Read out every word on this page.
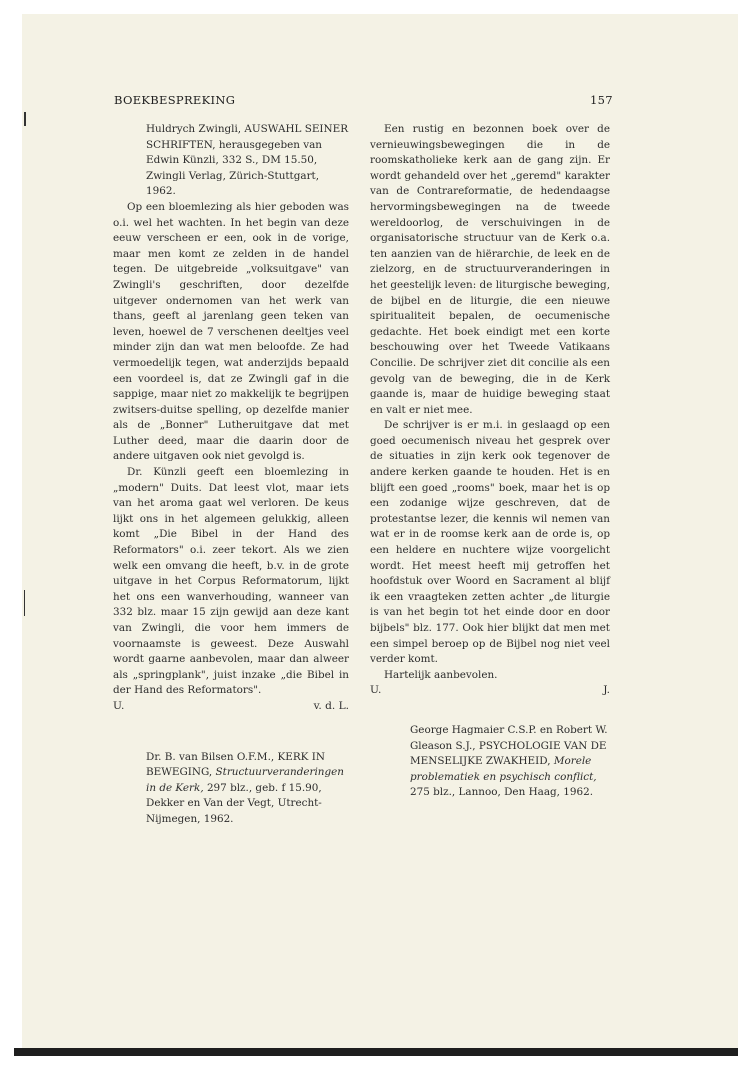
BOEKBESPREKING	157

Huldrych Zwingli, AUSWAHL SEINER SCHRIFTEN, herausgegeben van Edwin Künzli, 332 S., DM 15.50, Zwingli Verlag, Zürich-Stuttgart, 1962.

Op een bloemlezing als hier geboden was o.i. wel het wachten. In het begin van deze eeuw verscheen er een, ook in de vorige, maar men komt ze zelden in de handel tegen. De uitgebreide „volksuitgave" van Zwingli's geschriften, door dezelfde uitgever ondernomen van het werk van thans, geeft al jarenlang geen teken van leven, hoewel de 7 verschenen deeltjes veel minder zijn dan wat men beloofde. Ze had vermoedelijk tegen, wat anderzijds bepaald een voordeel is, dat ze Zwingli gaf in die sappige, maar niet zo makkelijk te begrijpen zwitsers-duitse spelling, op dezelfde manier als de „Bonner" Lutheruitgave dat met Luther deed, maar die daarin door de andere uitgaven ook niet gevolgd is.

Dr. Künzli geeft een bloemlezing in „modern" Duits. Dat leest vlot, maar iets van het aroma gaat wel verloren. De keus lijkt ons in het algemeen gelukkig, alleen komt „Die Bibel in der Hand des Reformators" o.i. zeer tekort. Als we zien welk een omvang die heeft, b.v. in de grote uitgave in het Corpus Reformatorum, lijkt het ons een wanverhouding, wanneer van 332 blz. maar 15 zijn gewijd aan deze kant van Zwingli, die voor hem immers de voornaamste is geweest. Deze Auswahl wordt gaarne aanbevolen, maar dan alweer als „springplank", juist inzake „die Bibel in der Hand des Reformators".

U.	v. d. L.

Dr. B. van Bilsen O.F.M., KERK IN BEWEGING, Structuurveranderingen in de Kerk, 297 blz., geb. f 15.90, Dekker en Van der Vegt, Utrecht-Nijmegen, 1962.

Een rustig en bezonnen boek over de vernieuwingsbewegingen die in de roomskatholieke kerk aan de gang zijn. Er wordt gehandeld over het „geremd" karakter van de Contrareformatie, de hedendaagse hervormingsbewegingen na de tweede wereldoorlog, de verschuivingen in de organisatorische structuur van de Kerk o.a. ten aanzien van de hiërarchie, de leek en de zielzorg, en de structuurveranderingen in het geestelijk leven: de liturgische beweging, de bijbel en de liturgie, die een nieuwe spiritualiteit bepalen, de oecumenische gedachte. Het boek eindigt met een korte beschouwing over het Tweede Vatikaans Concilie. De schrijver ziet dit concilie als een gevolg van de beweging, die in de Kerk gaande is, maar de huidige beweging staat en valt er niet mee.

De schrijver is er m.i. in geslaagd op een goed oecumenisch niveau het gesprek over de situaties in zijn kerk ook tegenover de andere kerken gaande te houden. Het is en blijft een goed „rooms" boek, maar het is op een zodanige wijze geschreven, dat de protestantse lezer, die kennis wil nemen van wat er in de roomse kerk aan de orde is, op een heldere en nuchtere wijze voorgelicht wordt. Het meest heeft mij getroffen het hoofdstuk over Woord en Sacrament al blijf ik een vraagteken zetten achter „de liturgie is van het begin tot het einde door en door bijbels" blz. 177. Ook hier blijkt dat men met een simpel beroep op de Bijbel nog niet veel verder komt.

Hartelijk aanbevolen.

U.	J.

George Hagmaier C.S.P. en Robert W. Gleason S.J., PSYCHOLOGIE VAN DE MENSELIJKE ZWAKHEID, Morele problematiek en psychisch conflict, 275 blz., Lannoo, Den Haag, 1962.
